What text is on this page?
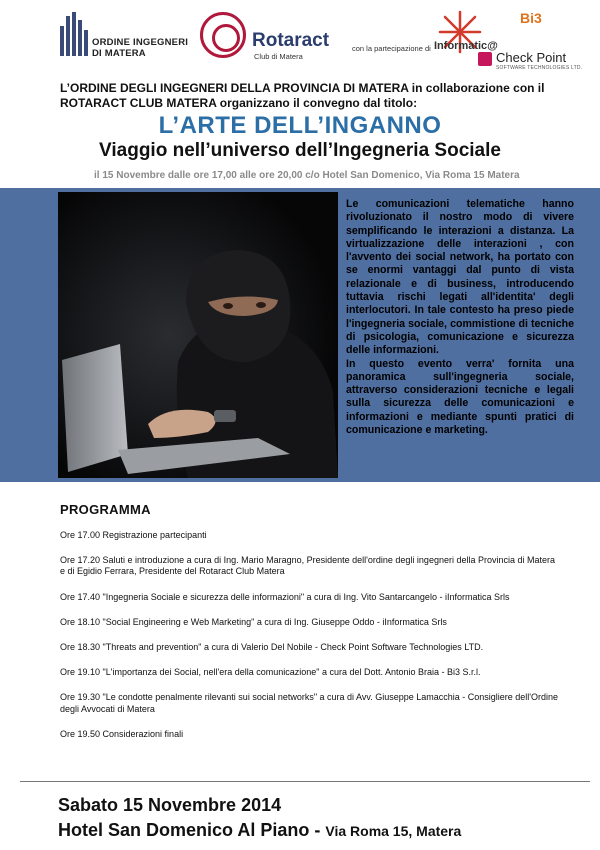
ORDINE INGEGNERI
DI MATERA
Rotaract
Club di Matera
con la partecipazione di Informatic@
Bi3
Check Point
SOFTWARE TECHNOLOGIES LTD.
L’ORDINE DEGLI INGEGNERI DELLA PROVINCIA DI MATERA in collaborazione con il ROTARACT CLUB MATERA organizzano il convegno dal titolo:
L’ARTE DELL’INGANNO
Viaggio nell’universo dell’Ingegneria Sociale
il 15 Novembre dalle ore 17,00 alle ore 20,00 c/o Hotel San Domenico, Via Roma 15 Matera
Le comunicazioni telematiche hanno rivoluzionato il nostro modo di vivere semplificando le interazioni a distanza. La virtualizzazione delle interazioni , con l'avvento dei social network, ha portato con se enormi vantaggi dal punto di vista relazionale e di business, introducendo tuttavia rischi legati all'identita' degli interlocutori. In tale contesto ha preso piede l'ingegneria sociale, commistione di tecniche di psicologia, comunicazione e sicurezza delle informazioni.
In questo evento verra' fornita una panoramica sull'ingegneria sociale, attraverso considerazioni tecniche e legali sulla sicurezza delle comunicazioni e informazioni e mediante spunti pratici di comunicazione e marketing.
PROGRAMMA
Ore 17.00 Registrazione partecipanti
Ore 17.20 Saluti e introduzione a cura di Ing. Mario Maragno, Presidente dell'ordine degli ingegneri della Provincia di Matera e di Egidio Ferrara, Presidente del Rotaract Club Matera
Ore 17.40 "Ingegneria Sociale e sicurezza delle informazioni" a cura di Ing. Vito Santarcangelo - iInformatica Srls
Ore 18.10 "Social Engineering e Web Marketing" a cura di Ing. Giuseppe Oddo - iInformatica Srls
Ore 18.30 "Threats and prevention" a cura di Valerio Del Nobile - Check Point Software Technologies LTD.
Ore 19.10 "L'importanza dei Social, nell'era della comunicazione" a cura del Dott. Antonio Braia - Bi3 S.r.l.
Ore 19.30 "Le condotte penalmente rilevanti sui social networks" a cura di Avv. Giuseppe Lamacchia - Consigliere dell'Ordine degli Avvocati di Matera
Ore 19.50 Considerazioni finali
Sabato 15 Novembre 2014
Hotel San Domenico Al Piano - Via Roma 15, Matera
